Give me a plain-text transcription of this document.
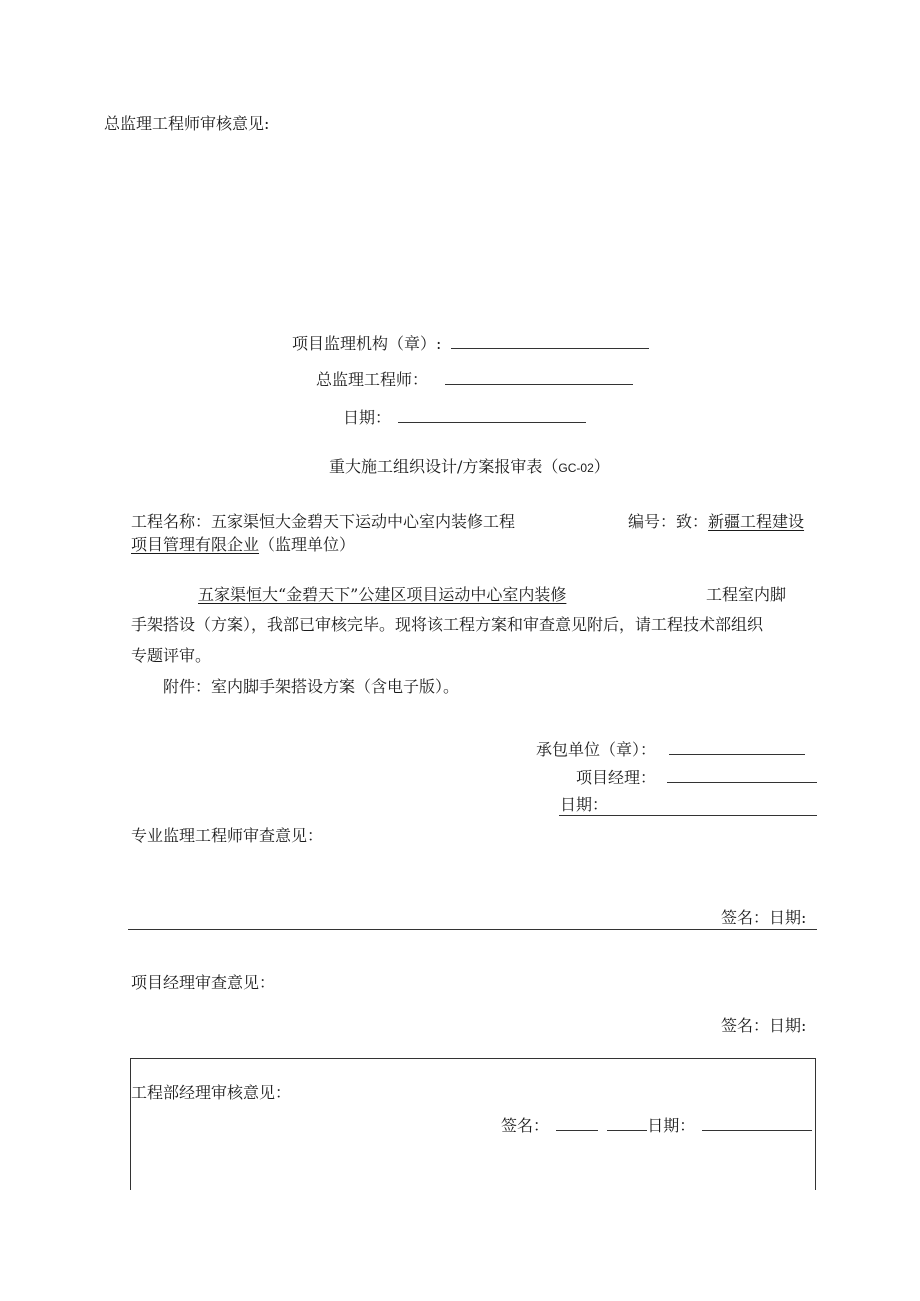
总监理工程师审核意见:
项目监理机构（章）:
总监理工程师：
日期：
重大施工组织设计/方案报审表（GC-02）
工程名称：五家渠恒大金碧天下运动中心室内装修工程	编号：致：新疆工程建设
项目管理有限企业（监理单位）
五家渠恒大“金碧天下”公建区项目运动中心室内装修	工程室内脚
手架搭设（方案），我部已审核完毕。现将该工程方案和审查意见附后，请工程技术部组织
专题评审。
附件：室内脚手架搭设方案（含电子版）。
承包单位（章）：
项目经理：
日期：
专业监理工程师审查意见：
签名：日期:
项目经理审查意见：
签名：日期:
工程部经理审核意见：
签名：	日期：
